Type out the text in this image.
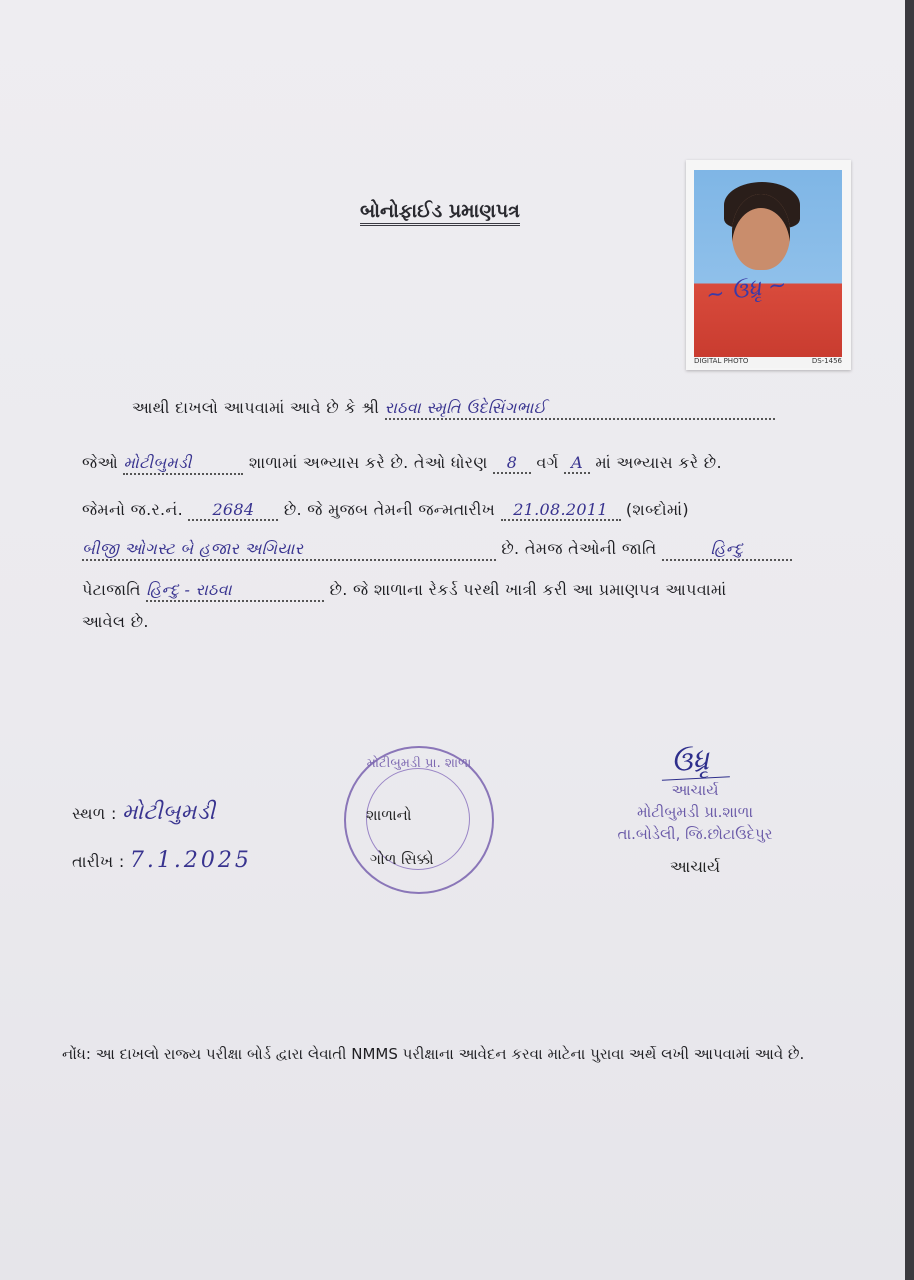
બોનોફાઈડ પ્રમાણપત્ર
~ ઉધ્રૃ ~
DIGITAL PHOTO	DS-1456
આથી દાખલો આપવામાં આવે છે કે શ્રી રાઠવા સ્મૃતિ ઉદેસિંગભાઈ
જેઓ મોટીબુમડી	શાળામાં અભ્યાસ કરે છે. તેઓ ધોરણ 8 વર્ગ A માં અભ્યાસ કરે છે.
જેમનો જ.ર.નં. 2684 છે. જે મુજબ તેમની જન્મતારીખ 21.08.2011 (શબ્દોમાં)
બીજી ઓગસ્ટ બે હજાર અગિયાર	છે. તેમજ તેઓની જાતિ	હિન્દુ
પેટાજાતિ હિન્દુ - રાઠવા	છે. જે શાળાના રેકર્ડ પરથી ખાત્રી કરી આ પ્રમાણપત્ર આપવામાં
આવેલ છે.
સ્થળ : મોટીબુમડી
તારીખ : 7.1.2025
મોટીબુમડી પ્રા. શાળા
શાળાનો
ગોળ સિક્કો
ઉધ્રૃ
આચાર્ય
મોટીબુમડી પ્રા.શાળા
તા.બોડેલી, જિ.છોટાઉદેપુર
આચાર્ય
નોંધ: આ દાખલો રાજ્ય પરીક્ષા બોર્ડ દ્વારા લેવાતી NMMS પરીક્ષાના આવેદન કરવા માટેના પુરાવા અર્થે લખી આપવામાં આવે છે.
